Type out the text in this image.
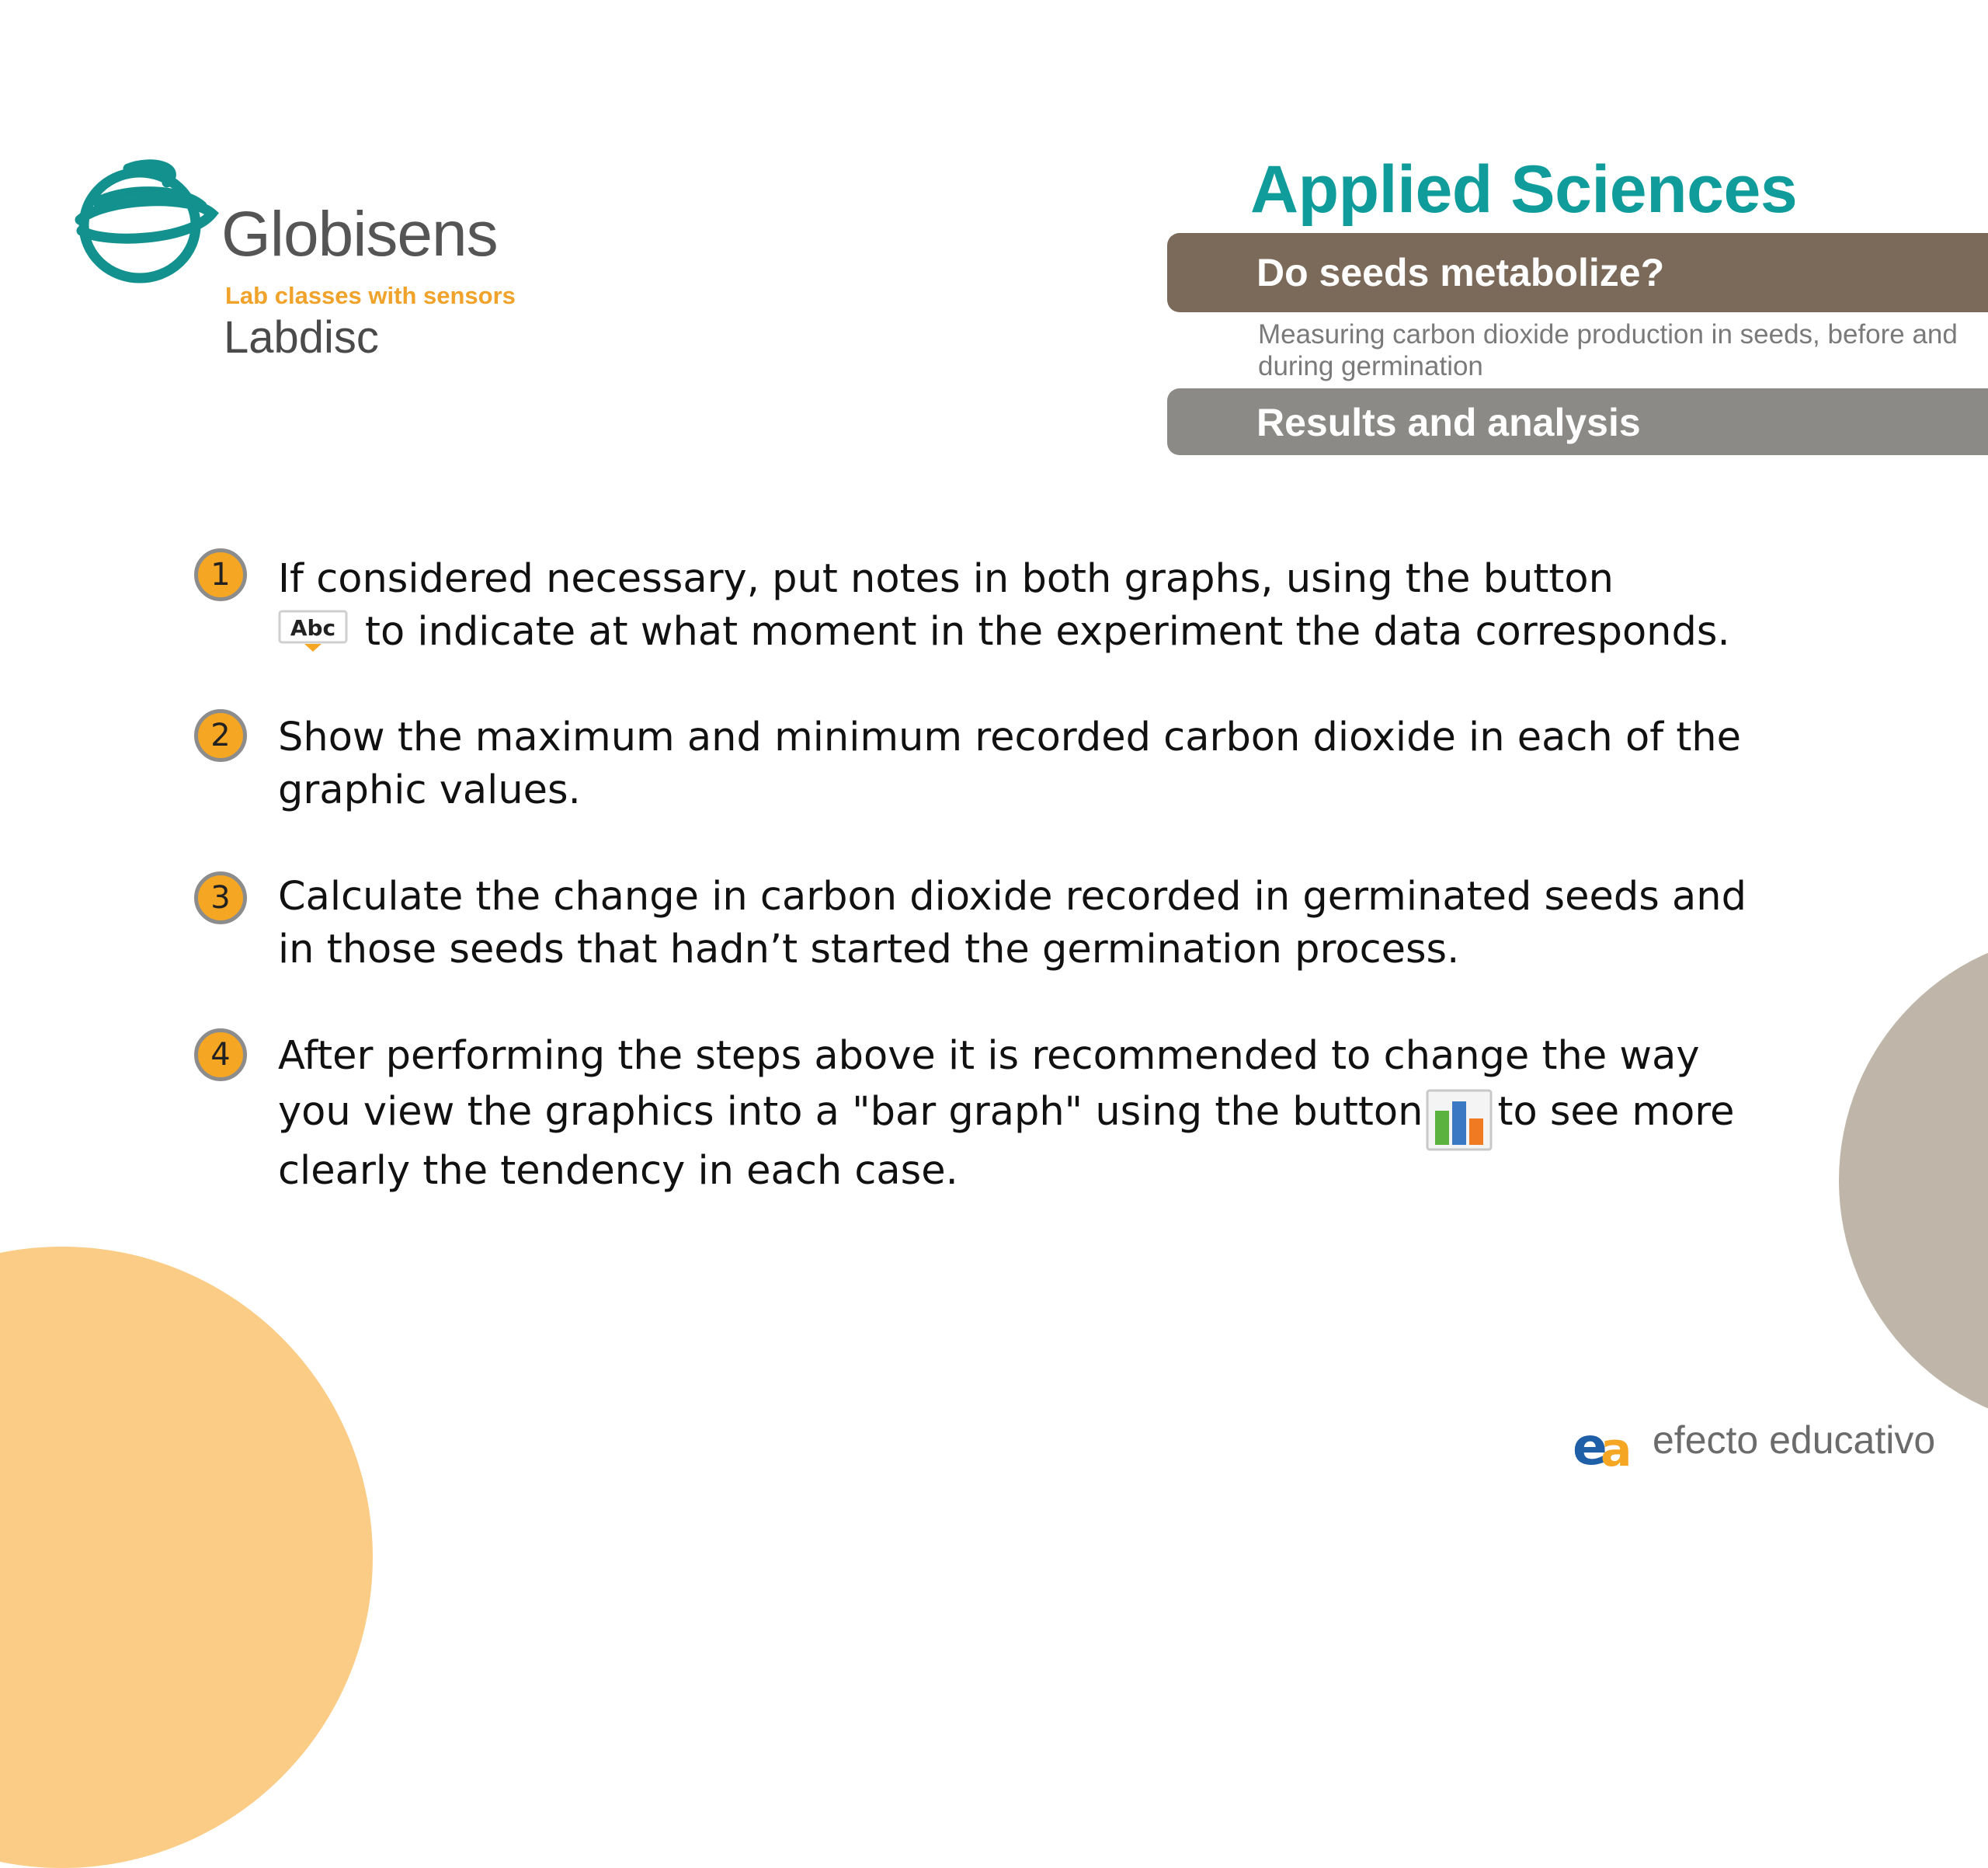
Globisens
Lab classes with sensors
Labdisc
Applied Sciences
Do seeds metabolize?
Measuring carbon dioxide production in seeds, before and during germination
Results and analysis
1	If considered necessary, put notes in both graphs, using the button
Abc to indicate at what moment in the experiment the data corresponds.
2	Show the maximum and minimum recorded carbon dioxide in each of the
graphic values.
3	Calculate the change in carbon dioxide recorded in germinated seeds and
in those seeds that hadn’t started the germination process.
4	After performing the steps above it is recommended to change the way
you view the graphics into a "bar graph" using the button to see more
clearly the tendency in each case.
e
a efecto educativo
